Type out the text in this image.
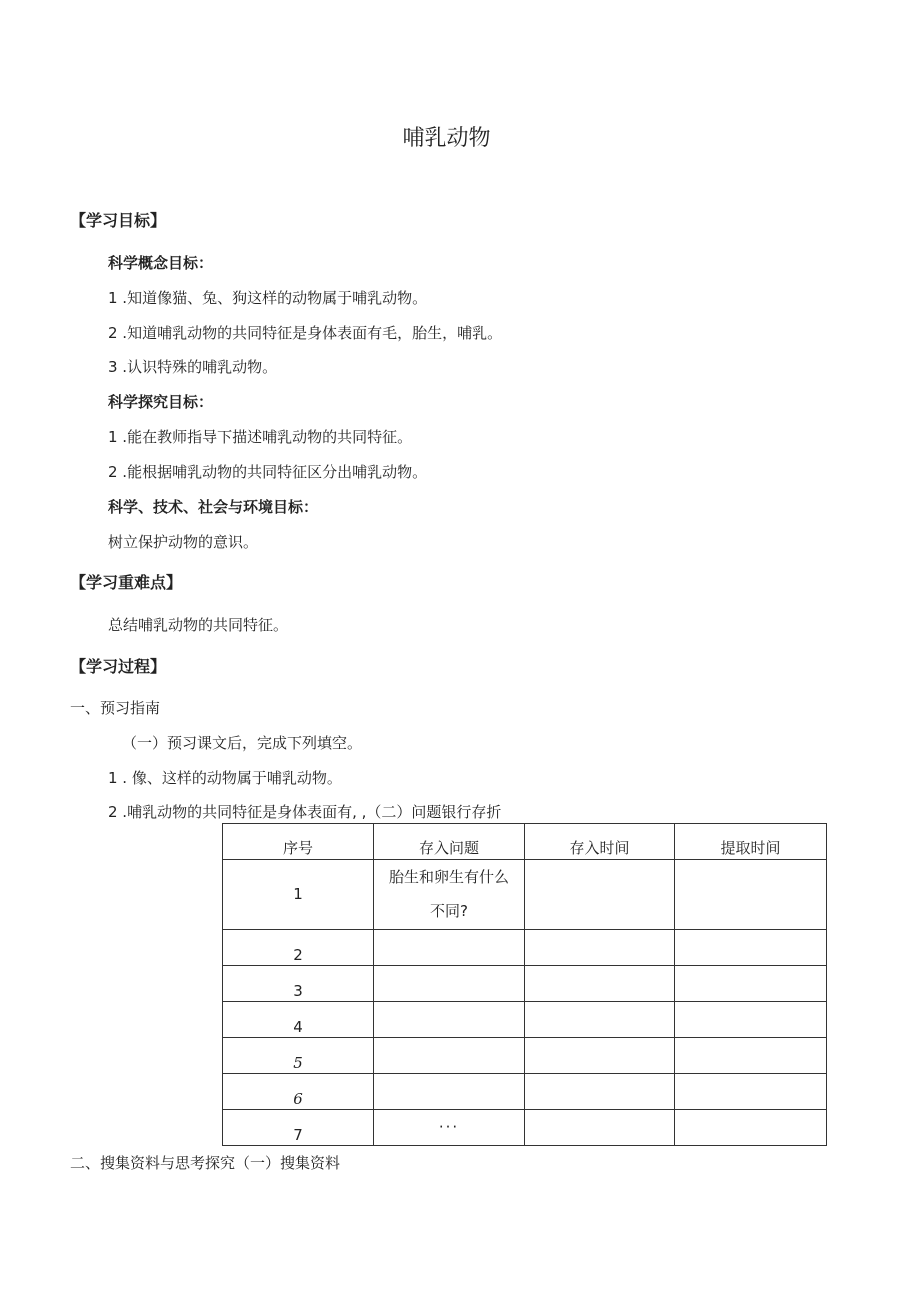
哺乳动物
【学习目标】
科学概念目标：
1 .知道像猫、兔、狗这样的动物属于哺乳动物。
2 .知道哺乳动物的共同特征是身体表面有毛，胎生，哺乳。
3 .认识特殊的哺乳动物。
科学探究目标：
1 .能在教师指导下描述哺乳动物的共同特征。
2 .能根据哺乳动物的共同特征区分出哺乳动物。
科学、技术、社会与环境目标：
树立保护动物的意识。
【学习重难点】
总结哺乳动物的共同特征。
【学习过程】
一、预习指南
（一）预习课文后，完成下列填空。
1 . 像、这样的动物属于哺乳动物。
2 .哺乳动物的共同特征是身体表面有, ,（二）问题银行存折
序号	存入问题	存入时间	提取时间
1	胎生和卵生有什么
不同?		

2			
3			
4			
5			
6			
7	···		
二、搜集资料与思考探究（一）搜集资料
